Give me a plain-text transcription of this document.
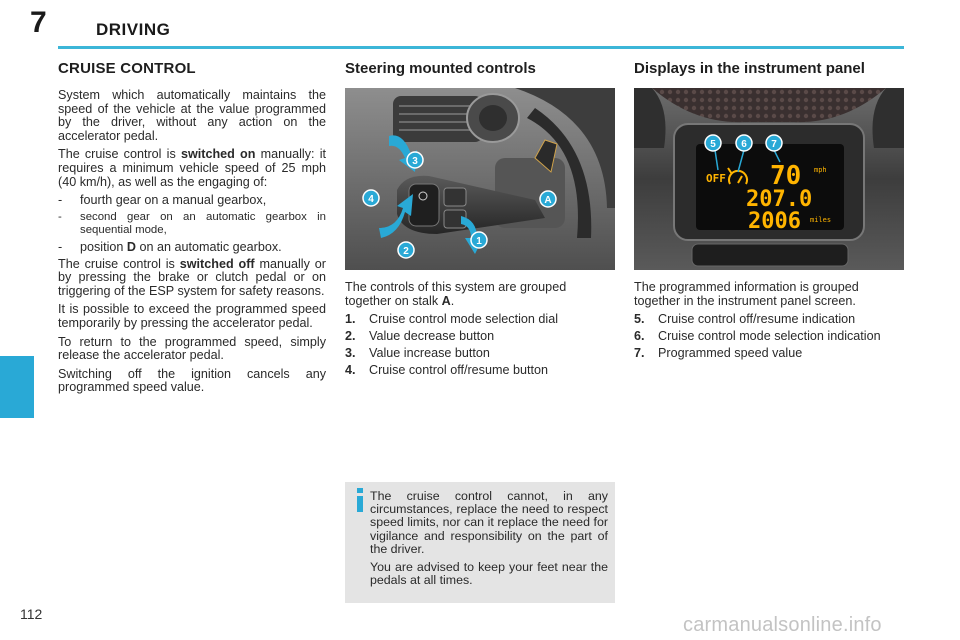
7	DRIVING
CRUISE CONTROL

System which automatically maintains the speed of the vehicle at the value programmed by the driver, without any action on the accelerator pedal.

The cruise control is switched on manually: it requires a minimum vehicle speed of 25 mph (40 km/h), as well as the engaging of:

- fourth gear on a manual gearbox,
- second gear on an automatic gearbox in sequential mode,
- position D on an automatic gearbox.

The cruise control is switched off manually or by pressing the brake or clutch pedal or on triggering of the ESP system for safety reasons.

It is possible to exceed the programmed speed temporarily by pressing the accelerator pedal.

To return to the programmed speed, simply release the accelerator pedal.

Switching off the ignition cancels any programmed speed value.

Steering mounted controls
3
4
1
2
A
The controls of this system are grouped together on stalk A.
1. Cruise control mode selection dial
2. Value decrease button
3. Value increase button
4. Cruise control off/resume button
Displays in the instrument panel
OFF 70 mph
207.0
2006 miles
5	6 7
The programmed information is grouped together in the instrument panel screen.
5. Cruise control off/resume indication
6. Cruise control mode selection indication
7. Programmed speed value

The cruise control cannot, in any circumstances, replace the need to respect speed limits, nor can it replace the need for vigilance and responsibility on the part of the driver.

You are advised to keep your feet near the pedals at all times.

112	carmanualsonline.info
